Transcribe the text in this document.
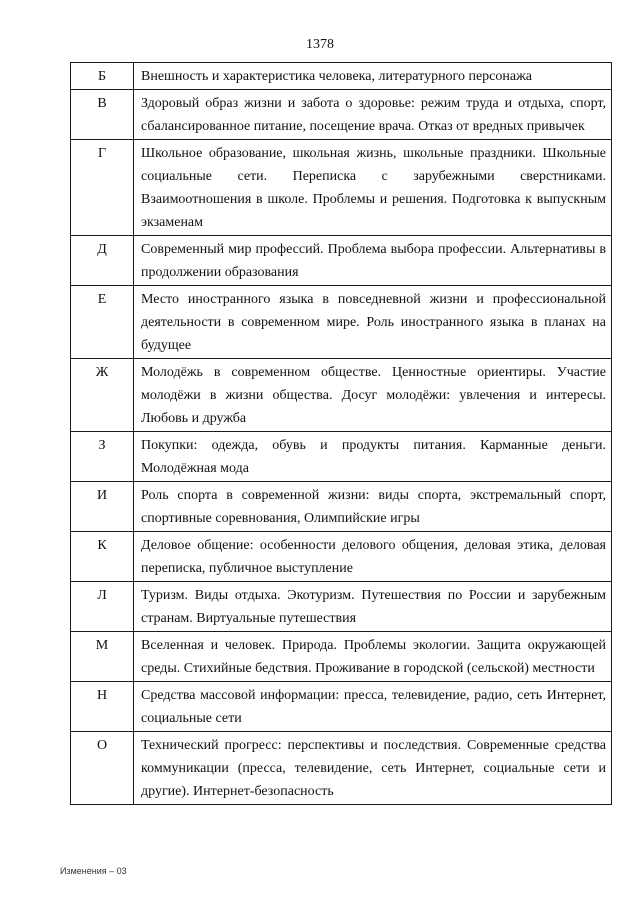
1378
Б	Внешность и характеристика человека, литературного персонажа
В	Здоровый образ жизни и забота о здоровье: режим труда и отдыха, спорт, сбалансированное питание, посещение врача. Отказ от вредных привычек
Г	Школьное образование, школьная жизнь, школьные праздники. Школьные социальные сети. Переписка с зарубежными сверстниками. Взаимоотношения в школе. Проблемы и решения. Подготовка к выпускным экзаменам
Д	Современный мир профессий. Проблема выбора профессии. Альтернативы в продолжении образования
Е	Место иностранного языка в повседневной жизни и профессиональной деятельности в современном мире. Роль иностранного языка в планах на будущее
Ж	Молодёжь в современном обществе. Ценностные ориентиры. Участие молодёжи в жизни общества. Досуг молодёжи: увлечения и интересы. Любовь и дружба
З	Покупки: одежда, обувь и продукты питания. Карманные деньги. Молодёжная мода
И	Роль спорта в современной жизни: виды спорта, экстремальный спорт, спортивные соревнования, Олимпийские игры
К	Деловое общение: особенности делового общения, деловая этика, деловая переписка, публичное выступление
Л	Туризм. Виды отдыха. Экотуризм. Путешествия по России и зарубежным странам. Виртуальные путешествия
М	Вселенная и человек. Природа. Проблемы экологии. Защита окружающей среды. Стихийные бедствия. Проживание в городской (сельской) местности
Н	Средства массовой информации: пресса, телевидение, радио, сеть Интернет, социальные сети
О	Технический прогресс: перспективы и последствия. Современные средства коммуникации (пресса, телевидение, сеть Интернет, социальные сети и другие). Интернет-безопасность
Изменения – 03
